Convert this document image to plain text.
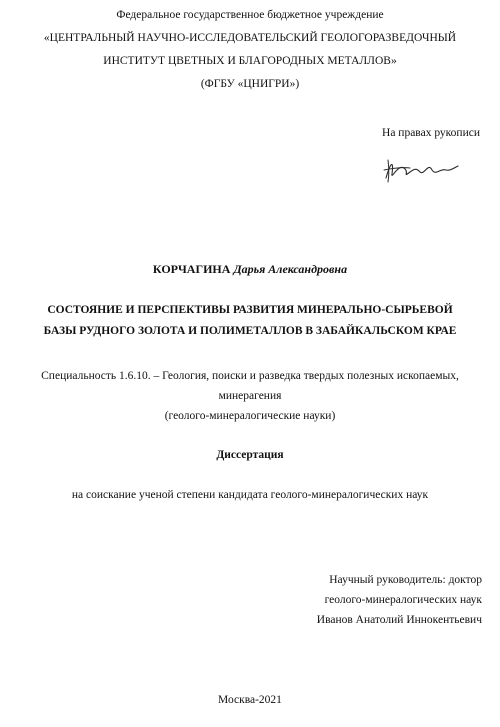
Федеральное государственное бюджетное учреждение
«ЦЕНТРАЛЬНЫЙ НАУЧНО-ИССЛЕДОВАТЕЛЬСКИЙ ГЕОЛОГОРАЗВЕДОЧНЫЙ
ИНСТИТУТ ЦВЕТНЫХ И БЛАГОРОДНЫХ МЕТАЛЛОВ»
(ФГБУ «ЦНИГРИ»)
На правах рукописи
КОРЧАГИНА Дарья Александровна
СОСТОЯНИЕ И ПЕРСПЕКТИВЫ РАЗВИТИЯ МИНЕРАЛЬНО-СЫРЬЕВОЙ
БАЗЫ РУДНОГО ЗОЛОТА И ПОЛИМЕТАЛЛОВ В ЗАБАЙКАЛЬСКОМ КРАЕ
Специальность 1.6.10. – Геология, поиски и разведка твердых полезных ископаемых,
минерагения
(геолого-минералогические науки)
Диссертация
на соискание ученой степени кандидата геолого-минералогических наук
Научный руководитель: доктор
геолого-минералогических наук
Иванов Анатолий Иннокентьевич
Москва-2021
